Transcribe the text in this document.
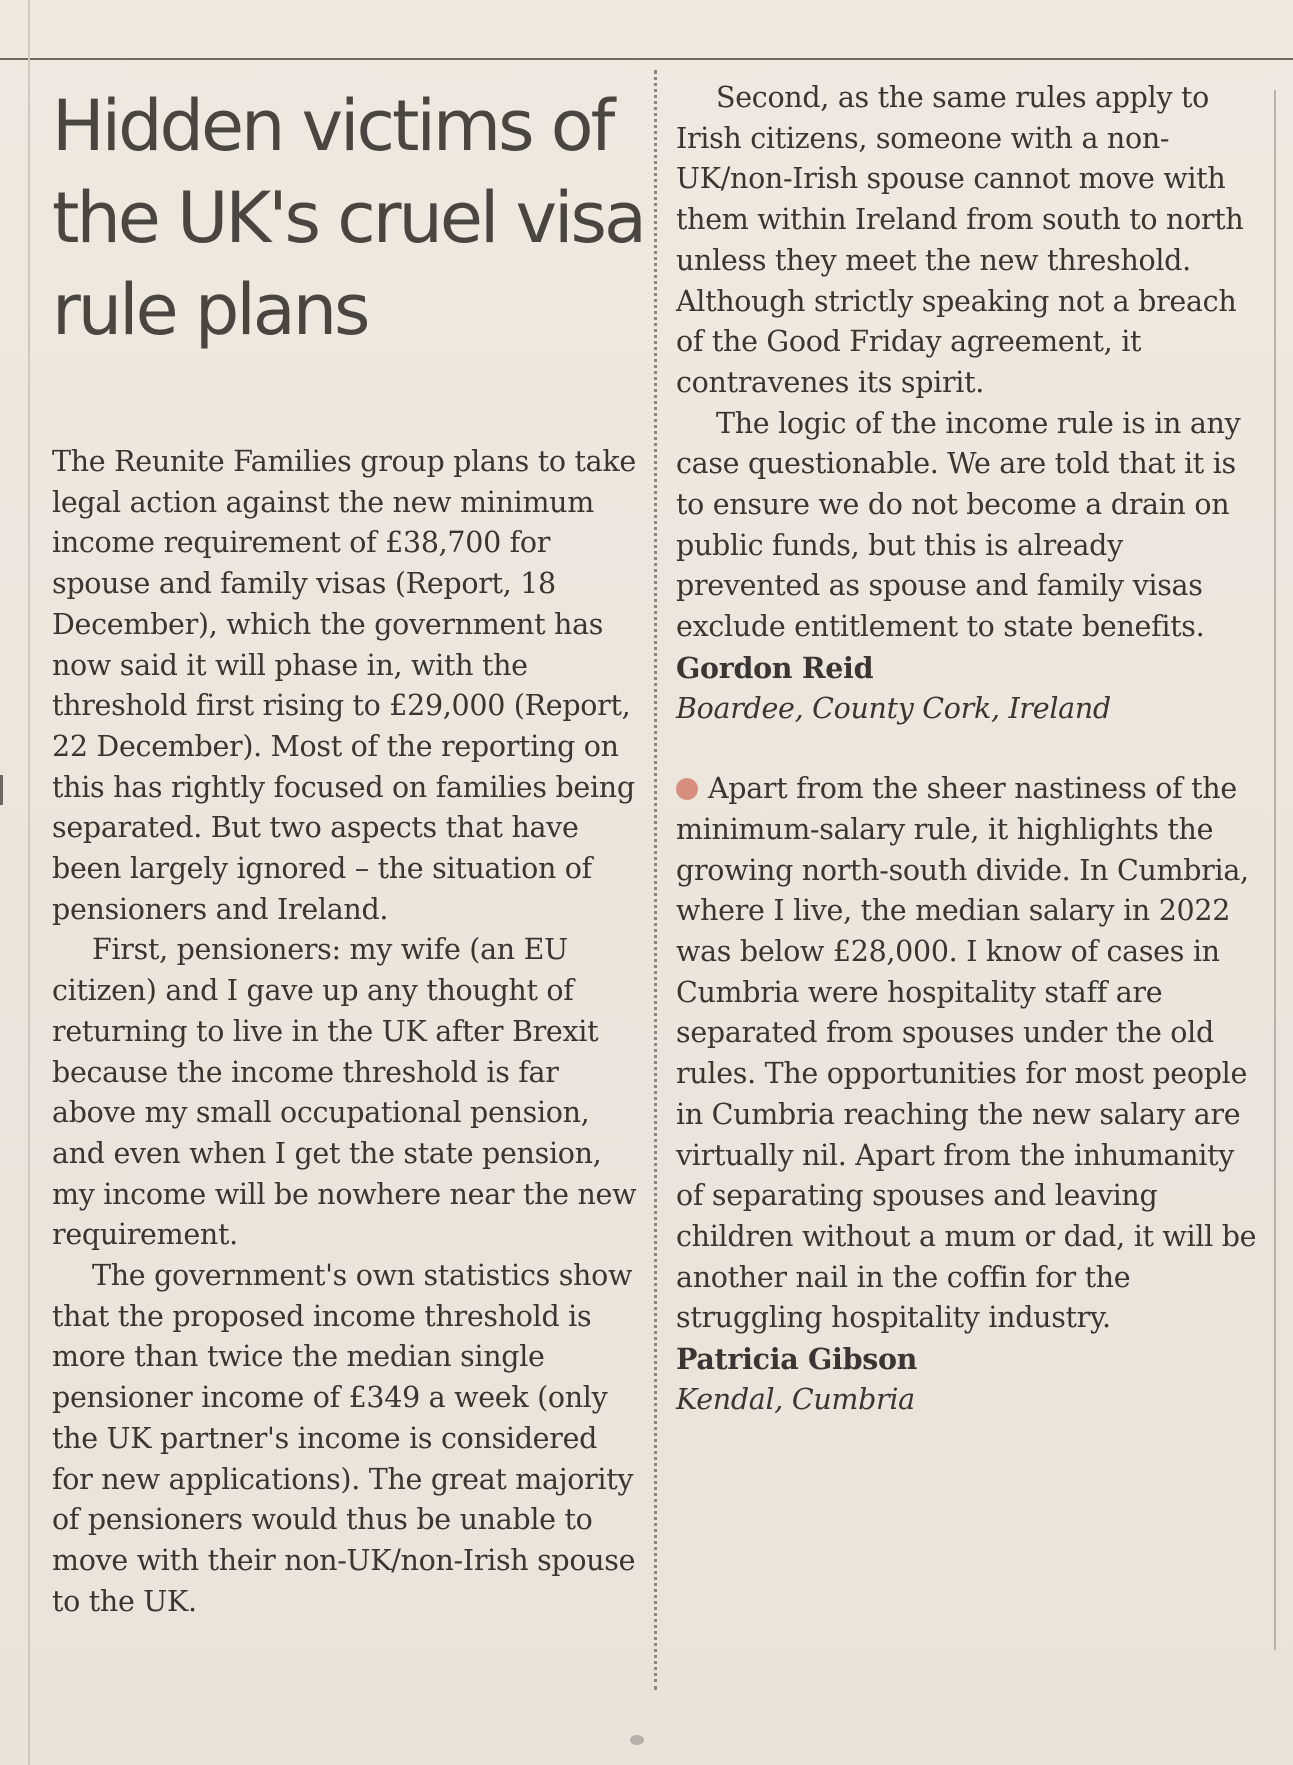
Hidden victims of the UK's cruel visa rule plans

The Reunite Families group plans to take legal action against the new minimum income requirement of £38,700 for spouse and family visas (Report, 18 December), which the government has now said it will phase in, with the threshold first rising to £29,000 (Report, 22 December). Most of the reporting on this has rightly focused on families being separated. But two aspects that have been largely ignored – the situation of pensioners and Ireland.

First, pensioners: my wife (an EU citizen) and I gave up any thought of returning to live in the UK after Brexit because the income threshold is far above my small occupational pension, and even when I get the state pension, my income will be nowhere near the new requirement.

The government's own statistics show that the proposed income threshold is more than twice the median single pensioner income of £349 a week (only the UK partner's income is considered for new applications). The great majority of pensioners would thus be unable to move with their non-UK/non-Irish spouse to the UK.

Second, as the same rules apply to Irish citizens, someone with a non-UK/non-Irish spouse cannot move with them within Ireland from south to north unless they meet the new threshold. Although strictly speaking not a breach of the Good Friday agreement, it contravenes its spirit.

The logic of the income rule is in any case questionable. We are told that it is to ensure we do not become a drain on public funds, but this is already prevented as spouse and family visas exclude entitlement to state benefits.

Gordon Reid

Boardee, County Cork, Ireland

Apart from the sheer nastiness of the minimum-salary rule, it highlights the growing north-south divide. In Cumbria, where I live, the median salary in 2022 was below £28,000. I know of cases in Cumbria were hospitality staff are separated from spouses under the old rules. The opportunities for most people in Cumbria reaching the new salary are virtually nil. Apart from the inhumanity of separating spouses and leaving children without a mum or dad, it will be another nail in the coffin for the struggling hospitality industry.

Patricia Gibson

Kendal, Cumbria
